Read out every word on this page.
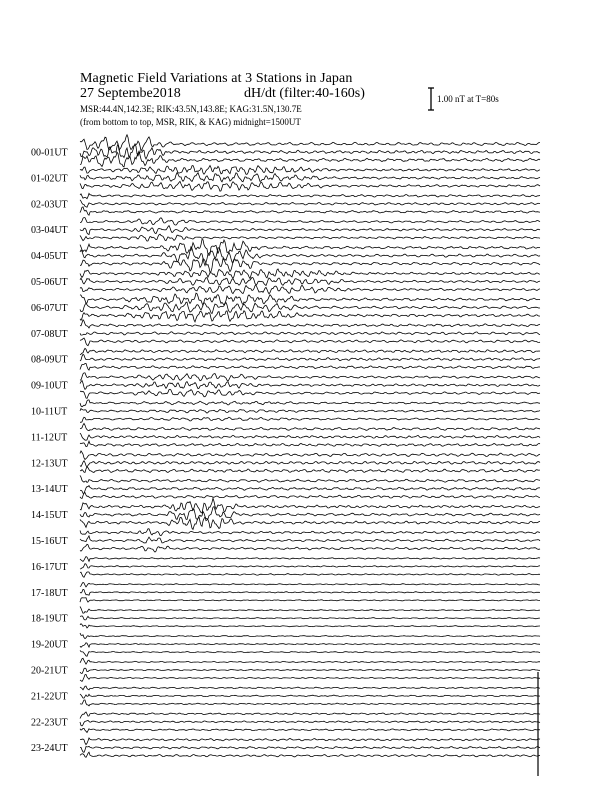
Magnetic Field Variations at 3 Stations in Japan
27 Septembe2018	dH/dt (filter:40-160s)
MSR:44.4N,142.3E; RIK:43.5N,143.8E; KAG:31.5N,130.7E
(from bottom to top, MSR, RIK, & KAG) midnight=1500UT
1.00 nT at T=80s
00-01UT
01-02UT
02-03UT
03-04UT
04-05UT
05-06UT
06-07UT
07-08UT
08-09UT
09-10UT
10-11UT
11-12UT
12-13UT
13-14UT
14-15UT
15-16UT
16-17UT
17-18UT
18-19UT
19-20UT
20-21UT
21-22UT
22-23UT
23-24UT
